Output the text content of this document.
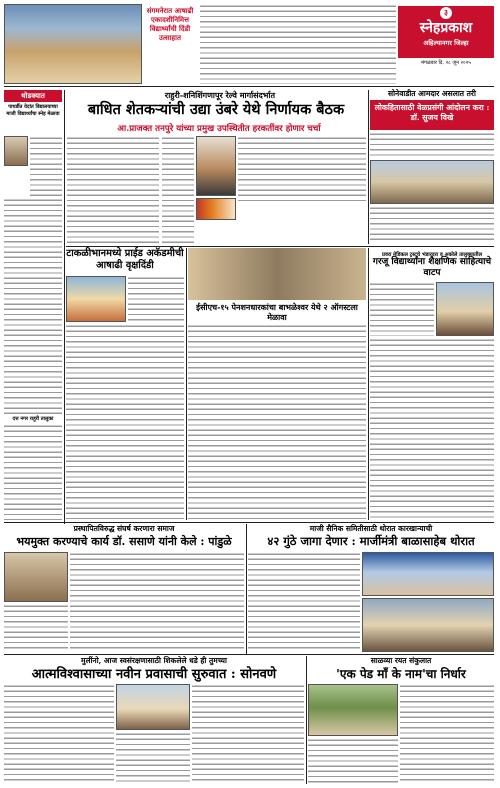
३
स्नेहप्रकाश
अहिल्यानगर जिल्हा
मंगळवार दि. २८ जून २०२५
संगमनेरात आषाढी एकादशीनिमित्त विद्यार्थ्यांची दिंडी उत्साहात
थोडक्यात
पाथर्डीत वेदांत विद्यालयाच्या माजी विद्यार्थ्यांचा स्नेह मेळावा
दत्त नगर राहुरी तालुका
राहुरी-शनिशिंगणापूर रेल्वे मार्गासंदर्भात
बाधित शेतकऱ्यांची उद्या उंबरे येथे निर्णायक बैठक
आ.प्राजक्त तनपुरे यांच्या प्रमुख उपस्थितीत हरकतींवर होणार चर्चा
सोनेवाडीत आमदार असलात तरी
लोकहितासाठी वेळप्रसंगी आंदोलन करा : डॉ. सुजय विखे
टाकळीभानमध्ये प्राईड अकॅडमीची आषाढी वृक्षदिंडी
ईसीएच-१५ पेनशनधारकांचा बाभळेश्वर येथे २ ऑगस्टला मेळावा
प्रवरा मेडिकल ट्रस्टचे भंडारदरा व अकोले तालुक्यातील
गरजू विद्यार्थ्यांना शैक्षणिक साहित्याचे वाटप
प्रस्थापितविरुद्ध संघर्ष करणारा समाज
भयमुक्त करण्याचे कार्य डॉ. ससाणे यांनी केले : पांडुळे
माजी सैनिक समितीसाठी थोरात कारखान्याची
४२ गुंठे जागा देणार : मार्जीमंत्री बाळासाहेब थोरात
मुलींनो, आज स्वसंरक्षणासाठी शिकलेले धडे ही तुमच्या
आत्मविश्वासाच्या नवीन प्रवासाची सुरुवात : सोनवणे
साळव्या रयत संकुलात
'एक पेड माँ के नाम'चा निर्धार
